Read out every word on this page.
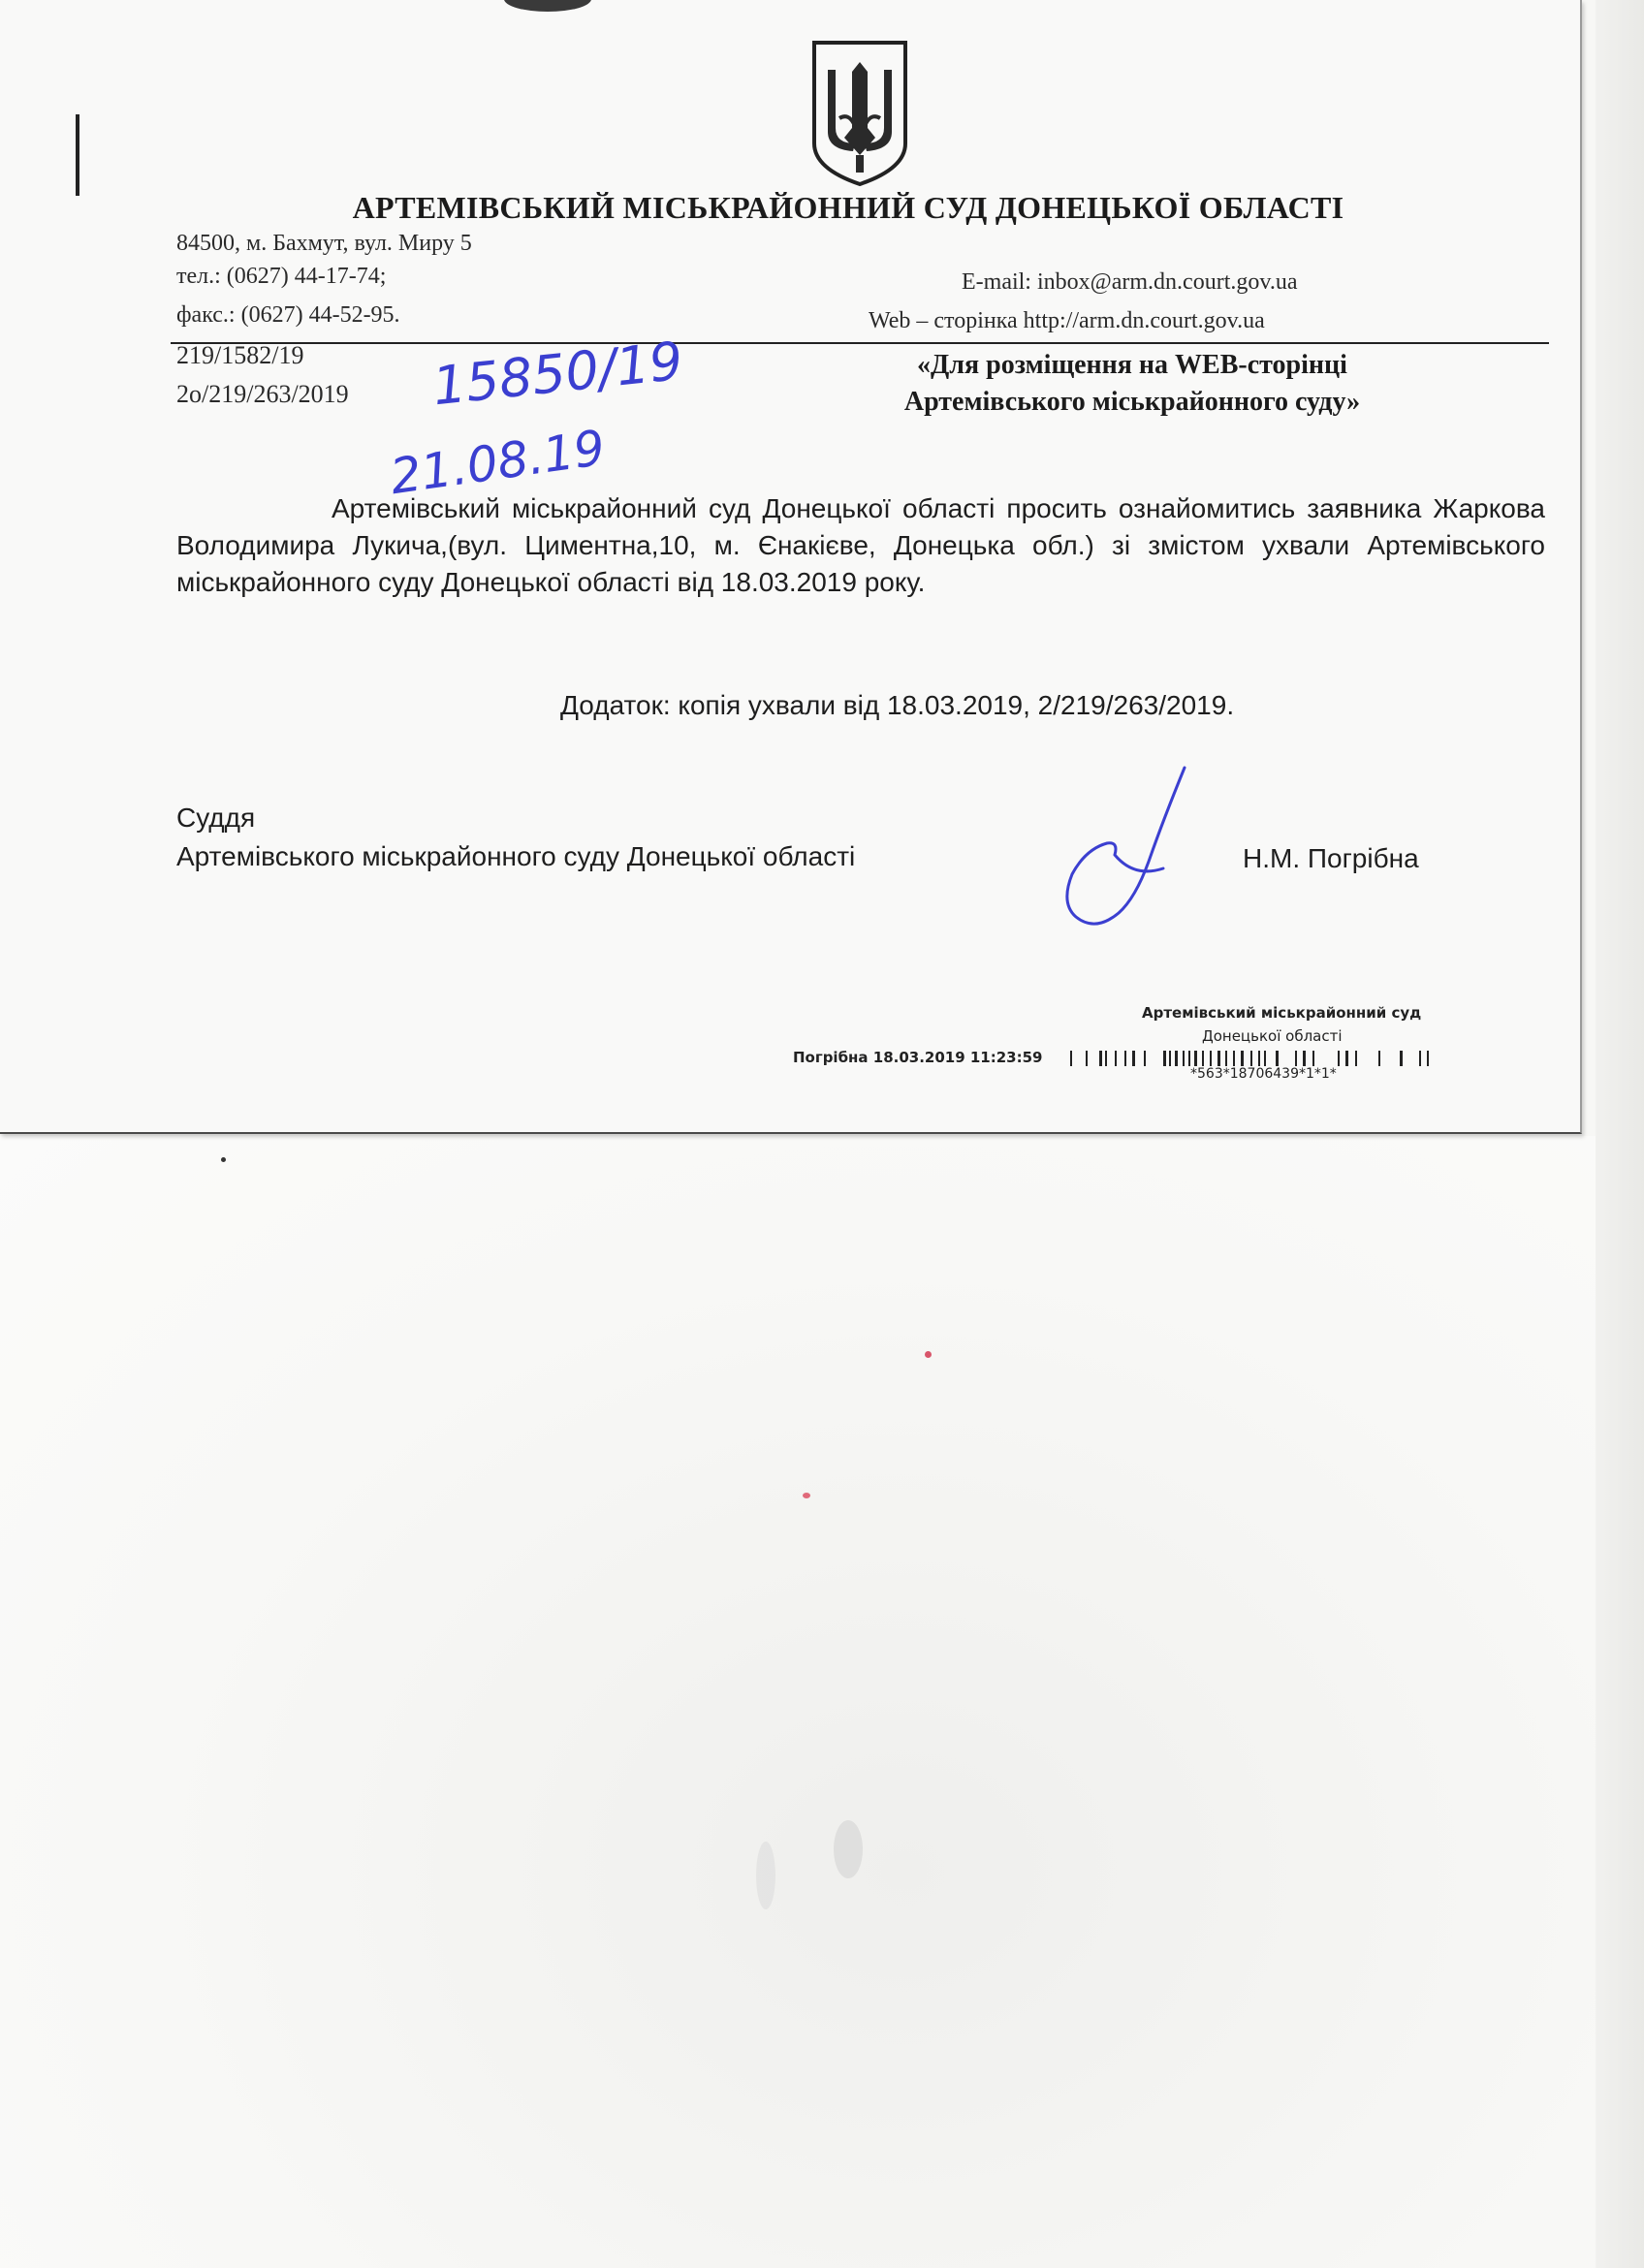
АРТЕМІВСЬКИЙ МІСЬКРАЙОННИЙ СУД ДОНЕЦЬКОЇ ОБЛАСТІ
84500, м. Бахмут, вул. Миру 5
тел.: (0627) 44-17-74;
факс.: (0627) 44-52-95.
E-mail: inbox@arm.dn.court.gov.ua
Web – сторінка http://arm.dn.court.gov.ua
219/1582/19
2о/219/263/2019 15850/19
21.08.19
«Для розміщення на WEB-сторінці
Артемівського міськрайонного суду»
Артемівський міськрайонний суд Донецької області просить ознайомитись заявника Жаркова Володимира Лукича,(вул. Циментна,10, м. Єнакієве, Донецька обл.) зі змістом ухвали Артемівського міськрайонного суду Донецької області від 18.03.2019 року.
Додаток: копія ухвали від 18.03.2019, 2/219/263/2019.
Суддя
Артемівського міськрайонного суду Донецької області	Н.М. Погрібна
Артемівський міськрайонний суд
Донецької області
Погрібна 18.03.2019 11:23:59
*563*18706439*1*1*
